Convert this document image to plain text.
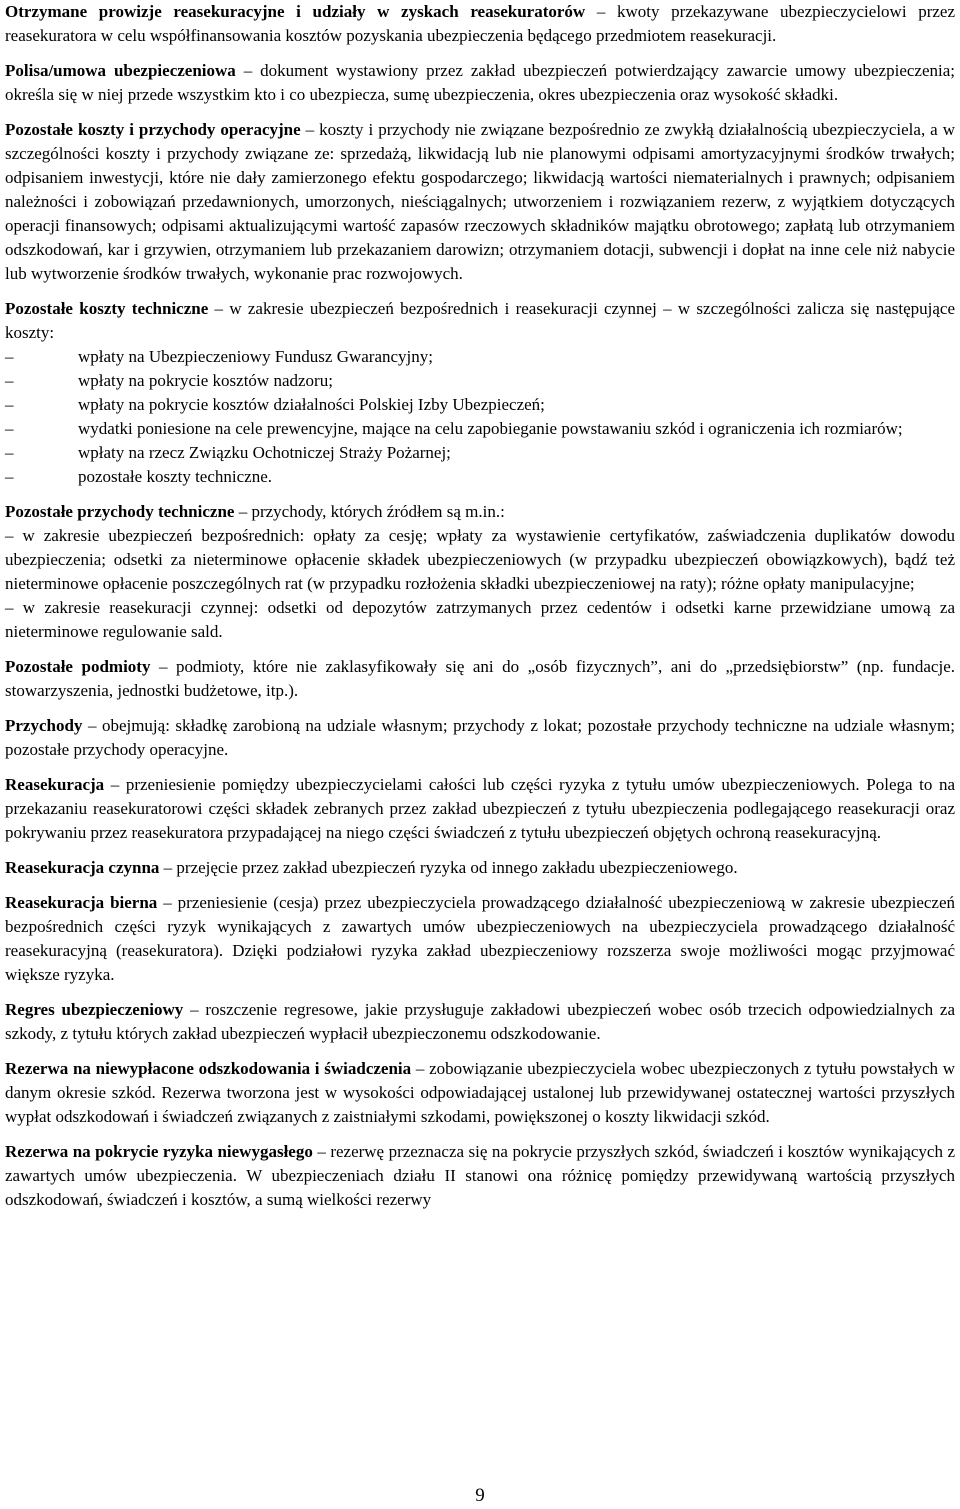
Otrzymane prowizje reasekuracyjne i udziały w zyskach reasekuratorów – kwoty przekazywane ubezpieczycielowi przez reasekuratora w celu współfinansowania kosztów pozyskania ubezpieczenia będącego przedmiotem reasekuracji.
Polisa/umowa ubezpieczeniowa – dokument wystawiony przez zakład ubezpieczeń potwierdzający zawarcie umowy ubezpieczenia; określa się w niej przede wszystkim kto i co ubezpiecza, sumę ubezpieczenia, okres ubezpieczenia oraz wysokość składki.
Pozostałe koszty i przychody operacyjne – koszty i przychody nie związane bezpośrednio ze zwykłą działalnością ubezpieczyciela, a w szczególności koszty i przychody związane ze: sprzedażą, likwidacją lub nie planowymi odpisami amortyzacyjnymi środków trwałych; odpisaniem inwestycji, które nie dały zamierzonego efektu gospodarczego; likwidacją wartości niematerialnych i prawnych; odpisaniem należności i zobowiązań przedawnionych, umorzonych, nieściągalnych; utworzeniem i rozwiązaniem rezerw, z wyjątkiem dotyczących operacji finansowych; odpisami aktualizującymi wartość zapasów rzeczowych składników majątku obrotowego; zapłatą lub otrzymaniem odszkodowań, kar i grzywien, otrzymaniem lub przekazaniem darowizn; otrzymaniem dotacji, subwencji i dopłat na inne cele niż nabycie lub wytworzenie środków trwałych, wykonanie prac rozwojowych.
Pozostałe koszty techniczne – w zakresie ubezpieczeń bezpośrednich i reasekuracji czynnej – w szczególności zalicza się następujące koszty:
–	wpłaty na Ubezpieczeniowy Fundusz Gwarancyjny;
–	wpłaty na pokrycie kosztów nadzoru;
–	wpłaty na pokrycie kosztów działalności Polskiej Izby Ubezpieczeń;
–	wydatki poniesione na cele prewencyjne, mające na celu zapobieganie powstawaniu szkód i ograniczenia ich rozmiarów;
–	wpłaty na rzecz Związku Ochotniczej Straży Pożarnej;
–	pozostałe koszty techniczne.

Pozostałe przychody techniczne – przychody, których źródłem są m.in.:

– w zakresie ubezpieczeń bezpośrednich: opłaty za cesję; wpłaty za wystawienie certyfikatów, zaświadczenia duplikatów dowodu ubezpieczenia; odsetki za nieterminowe opłacenie składek ubezpieczeniowych (w przypadku ubezpieczeń obowiązkowych), bądź też nieterminowe opłacenie poszczególnych rat (w przypadku rozłożenia składki ubezpieczeniowej na raty); różne opłaty manipulacyjne;

– w zakresie reasekuracji czynnej: odsetki od depozytów zatrzymanych przez cedentów i odsetki karne przewidziane umową za nieterminowe regulowanie sald.

Pozostałe podmioty – podmioty, które nie zaklasyfikowały się ani do „osób fizycznych”, ani do „przedsiębiorstw” (np. fundacje. stowarzyszenia, jednostki budżetowe, itp.).
Przychody – obejmują: składkę zarobioną na udziale własnym; przychody z lokat; pozostałe przychody techniczne na udziale własnym; pozostałe przychody operacyjne.
Reasekuracja – przeniesienie pomiędzy ubezpieczycielami całości lub części ryzyka z tytułu umów ubezpieczeniowych. Polega to na przekazaniu reasekuratorowi części składek zebranych przez zakład ubezpieczeń z tytułu ubezpieczenia podlegającego reasekuracji oraz pokrywaniu przez reasekuratora przypadającej na niego części świadczeń z tytułu ubezpieczeń objętych ochroną reasekuracyjną.
Reasekuracja czynna – przejęcie przez zakład ubezpieczeń ryzyka od innego zakładu ubezpieczeniowego.
Reasekuracja bierna – przeniesienie (cesja) przez ubezpieczyciela prowadzącego działalność ubezpieczeniową w zakresie ubezpieczeń bezpośrednich części ryzyk wynikających z zawartych umów ubezpieczeniowych na ubezpieczyciela prowadzącego działalność reasekuracyjną (reasekuratora). Dzięki podziałowi ryzyka zakład ubezpieczeniowy rozszerza swoje możliwości mogąc przyjmować większe ryzyka.
Regres ubezpieczeniowy – roszczenie regresowe, jakie przysługuje zakładowi ubezpieczeń wobec osób trzecich odpowiedzialnych za szkody, z tytułu których zakład ubezpieczeń wypłacił ubezpieczonemu odszkodowanie.
Rezerwa na niewypłacone odszkodowania i świadczenia – zobowiązanie ubezpieczyciela wobec ubezpieczonych z tytułu powstałych w danym okresie szkód. Rezerwa tworzona jest w wysokości odpowiadającej ustalonej lub przewidywanej ostatecznej wartości przyszłych wypłat odszkodowań i świadczeń związanych z zaistniałymi szkodami, powiększonej o koszty likwidacji szkód.
Rezerwa na pokrycie ryzyka niewygasłego – rezerwę przeznacza się na pokrycie przyszłych szkód, świadczeń i kosztów wynikających z zawartych umów ubezpieczenia. W ubezpieczeniach działu II stanowi ona różnicę pomiędzy przewidywaną wartością przyszłych odszkodowań, świadczeń i kosztów, a sumą wielkości rezerwy
9
